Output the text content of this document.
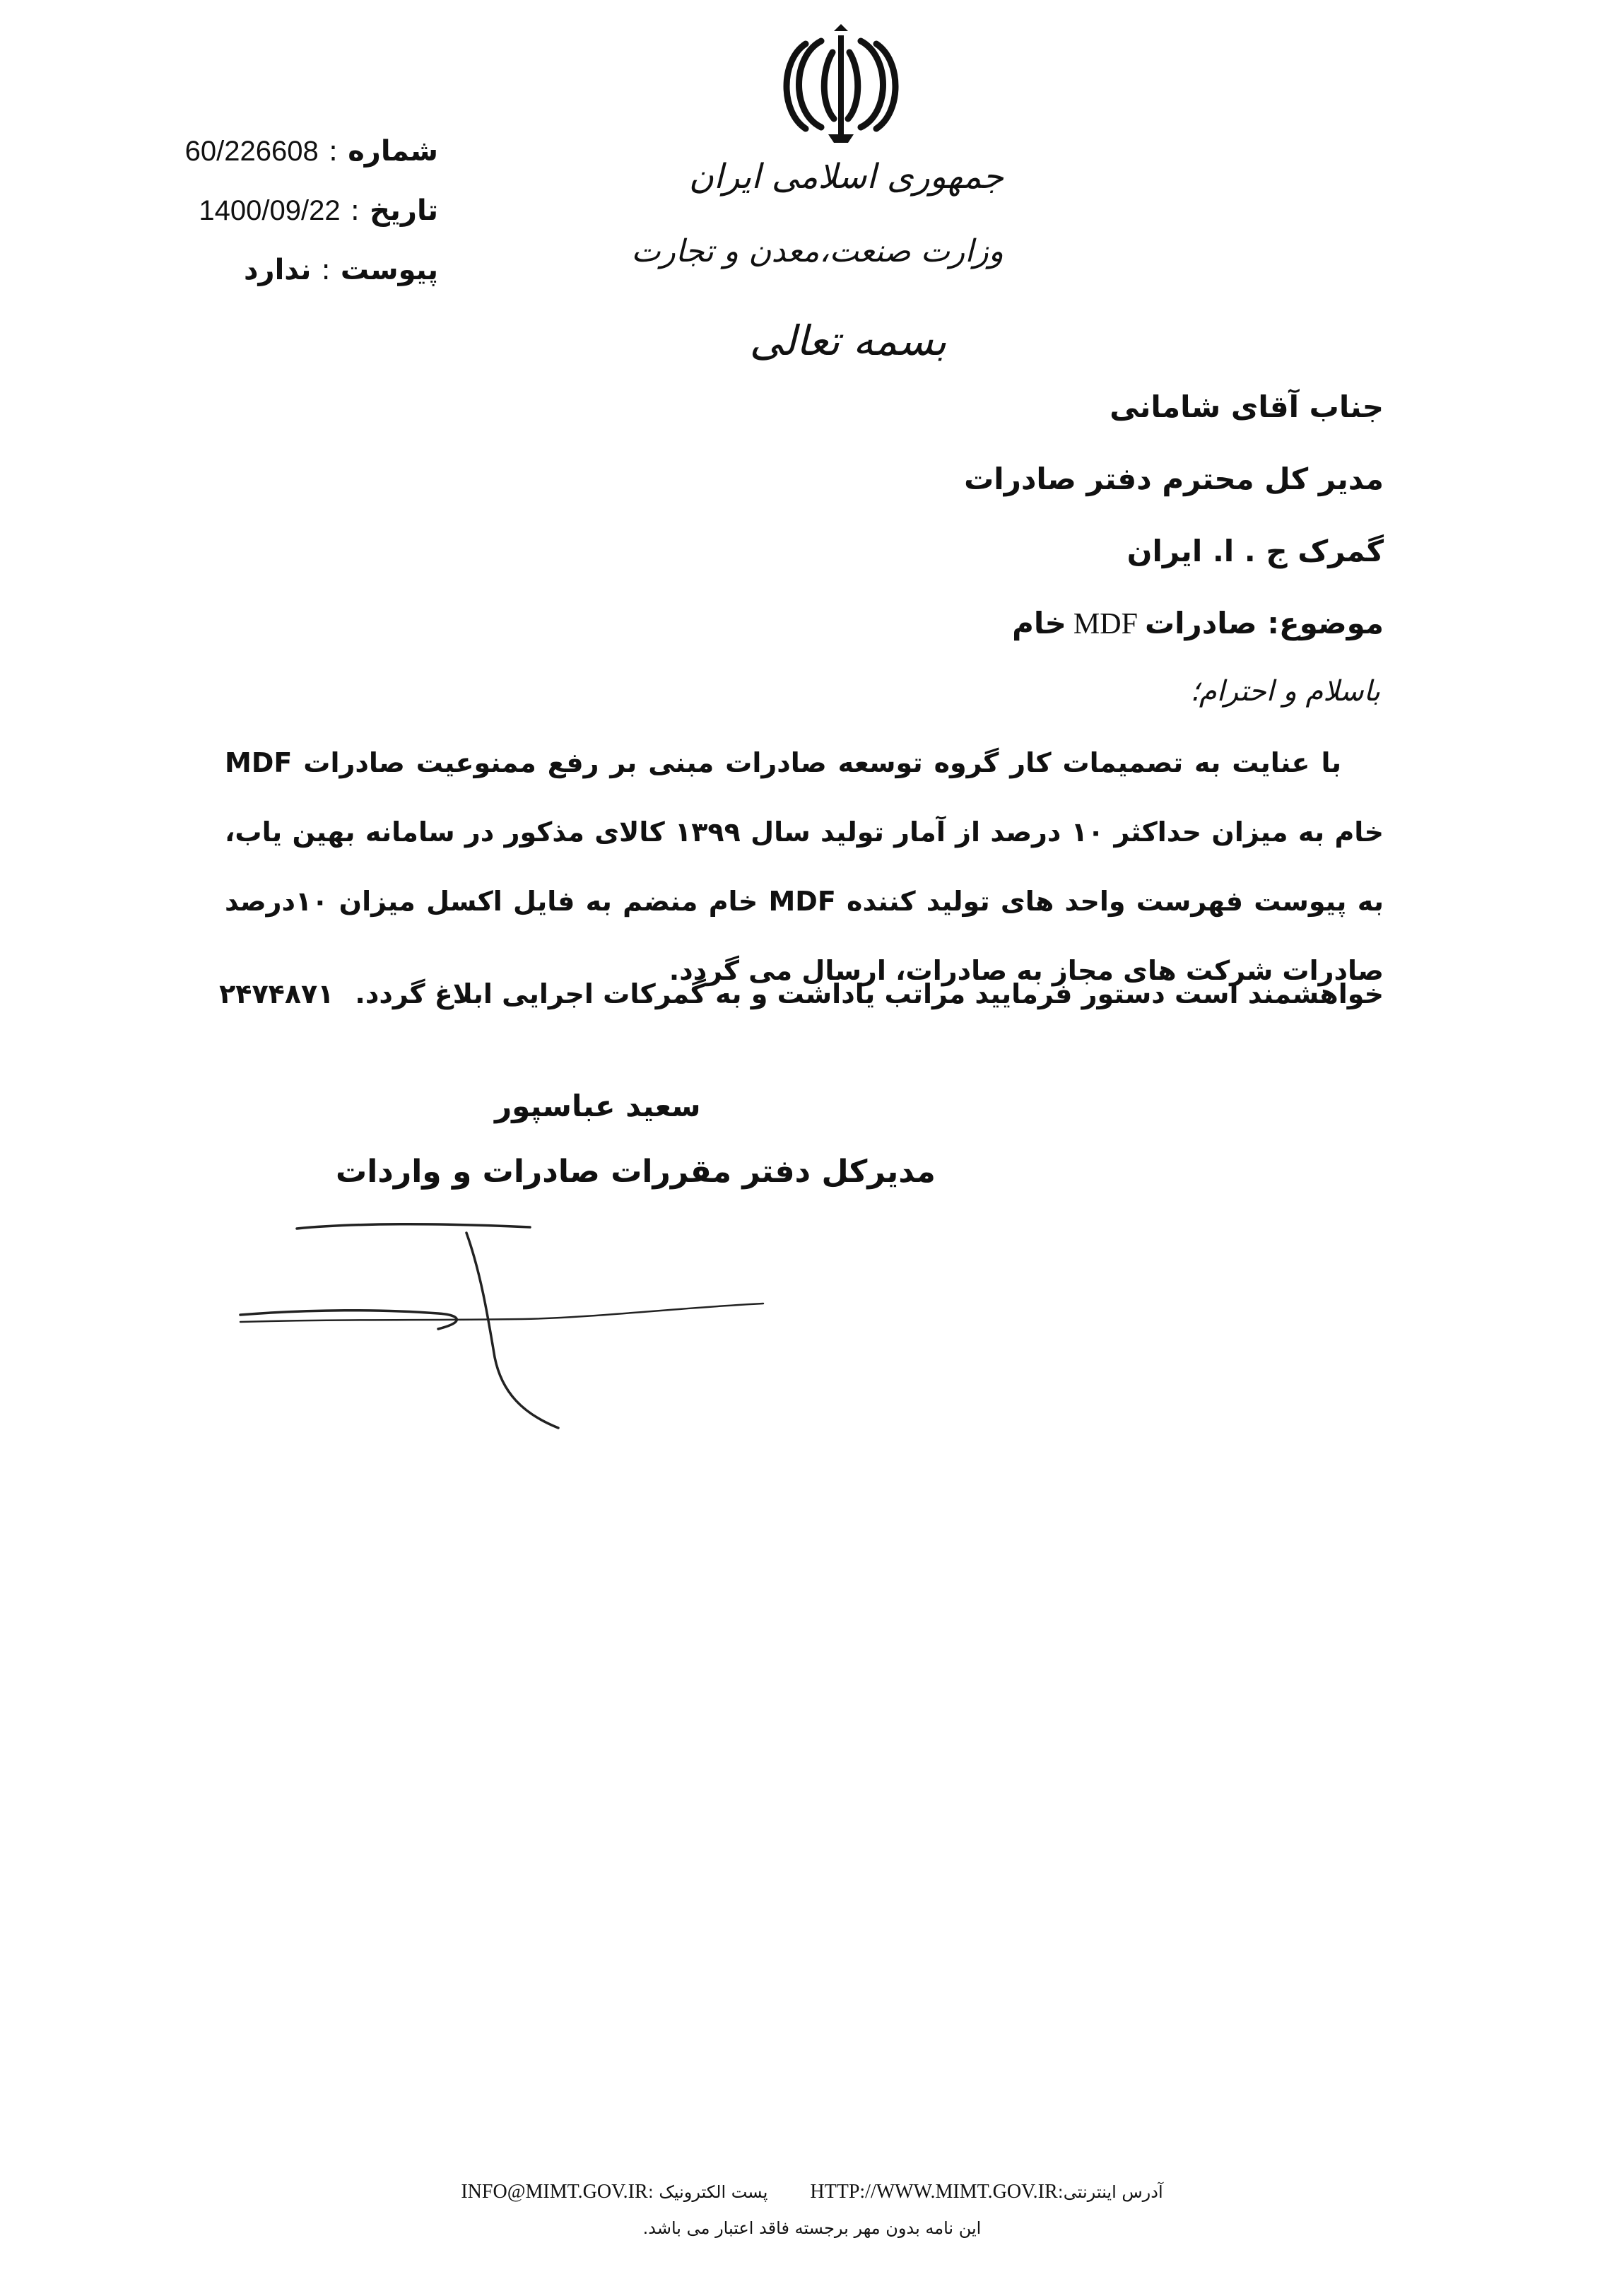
شماره:60/226608
تاریخ:1400/09/22
پیوست:ندارد
جمهوری اسلامی ایران
وزارت صنعت،معدن و تجارت
بسمه تعالی
جناب آقای شامانی
مدیر کل محترم دفتر صادرات
گمرک ج . ا. ایران
موضوع: صادراتMDFخام
باسلام و احترام؛
با عنایت به تصمیمات کار گروه توسعه صادرات مبنی بر رفع ممنوعیت صادرات MDF خام به میزان حداکثر ۱۰ درصد از آمار تولید سال ۱۳۹۹ کالای مذکور در سامانه بهین یاب، به پیوست فهرست واحد های تولید کننده MDF خام منضم به فایل اکسل میزان ۱۰درصد صادرات شرکت های مجاز به صادرات، ارسال می گردد.
خواهشمند است دستور فرمایید مراتب یاداشت و به گمرکات اجرایی ابلاغ گردد.۲۴۷۴۸۷۱
سعید عباسپور
مدیرکل دفتر مقررات صادرات و واردات
INFO@MIMT.GOV.IRپست الکترونیک : HTTP://WWW.MIMT.GOV.IRآدرس اینترنتی:
این نامه بدون مهر برجسته فاقد اعتبار می باشد.
